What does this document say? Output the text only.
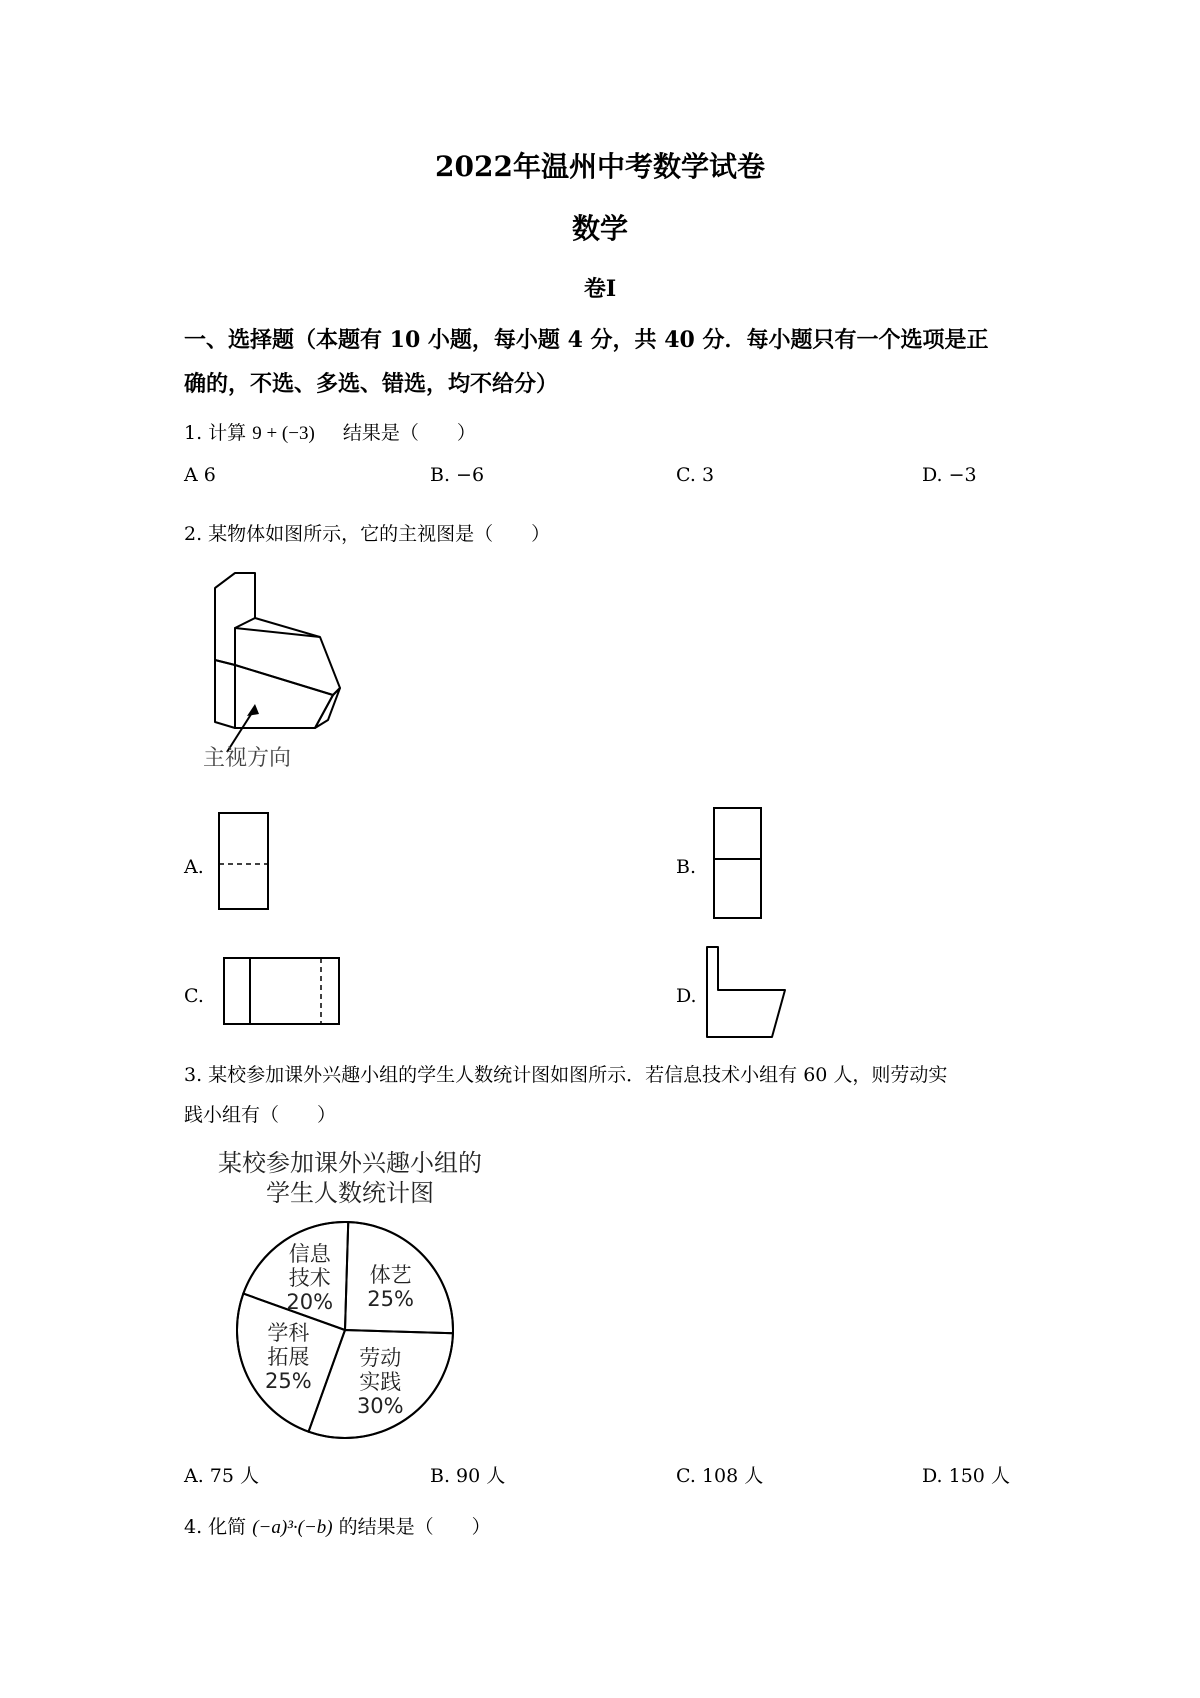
2022年温州中考数学试卷
数学
卷Ⅰ
一、选择题（本题有 10 小题，每小题 4 分，共 40 分．每小题只有一个选项是正
确的，不选、多选、错选，均不给分）
1. 计算 9 + (−3) 结果是（　　）
A 6	B. −6	C. 3	D. −3
2. 某物体如图所示，它的主视图是（　　）
主视方向
A.	B.
C.	D.
3. 某校参加课外兴趣小组的学生人数统计图如图所示．若信息技术小组有 60 人，则劳动实
践小组有（　　）
某校参加课外兴趣小组的
学生人数统计图
体艺
25%
劳动
实践
30%
学科
拓展
25%
信息
技术
20%
A. 75 人	B. 90 人	C. 108 人	D. 150 人
4. 化简 (−a)³·(−b) 的结果是（　　）
